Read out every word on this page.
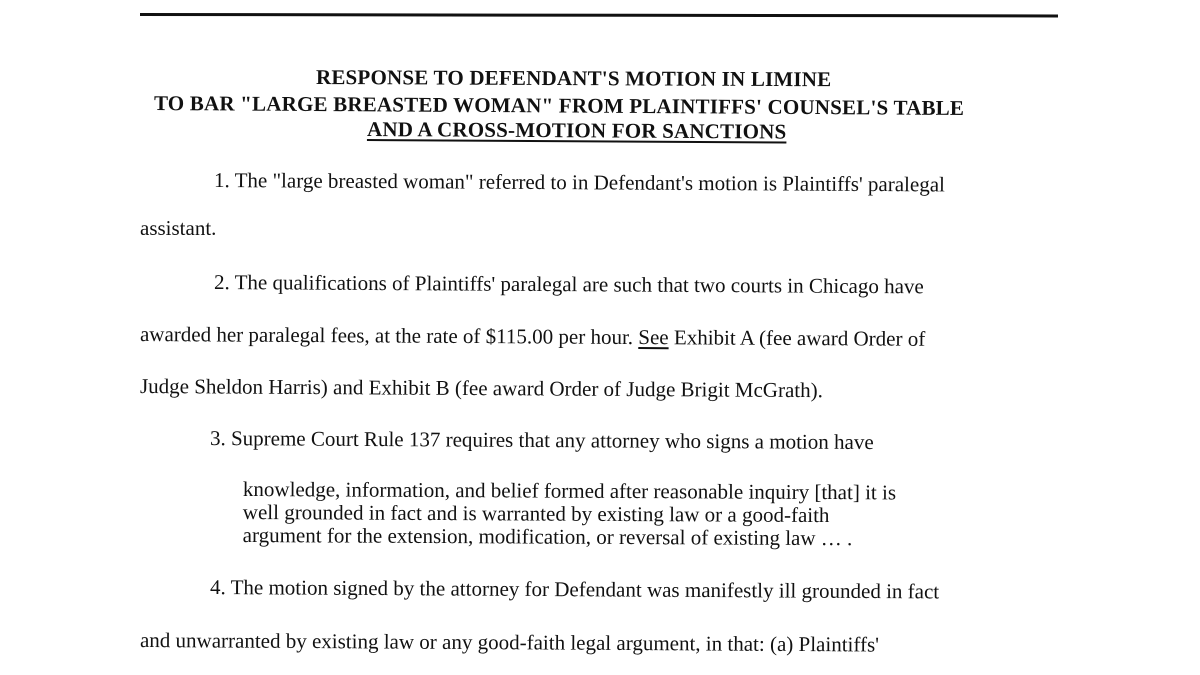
RESPONSE TO DEFENDANT'S MOTION IN LIMINE
TO BAR "LARGE BREASTED WOMAN" FROM PLAINTIFFS' COUNSEL'S TABLE
AND A CROSS-MOTION FOR SANCTIONS
1. The "large breasted woman" referred to in Defendant's motion is Plaintiffs' paralegal
assistant.
2. The qualifications of Plaintiffs' paralegal are such that two courts in Chicago have
awarded her paralegal fees, at the rate of $115.00 per hour. See Exhibit A (fee award Order of
Judge Sheldon Harris) and Exhibit B (fee award Order of Judge Brigit McGrath).
3. Supreme Court Rule 137 requires that any attorney who signs a motion have
knowledge, information, and belief formed after reasonable inquiry [that] it is
well grounded in fact and is warranted by existing law or a good-faith
argument for the extension, modification, or reversal of existing law … .
4. The motion signed by the attorney for Defendant was manifestly ill grounded in fact
and unwarranted by existing law or any good-faith legal argument, in that: (a) Plaintiffs'
